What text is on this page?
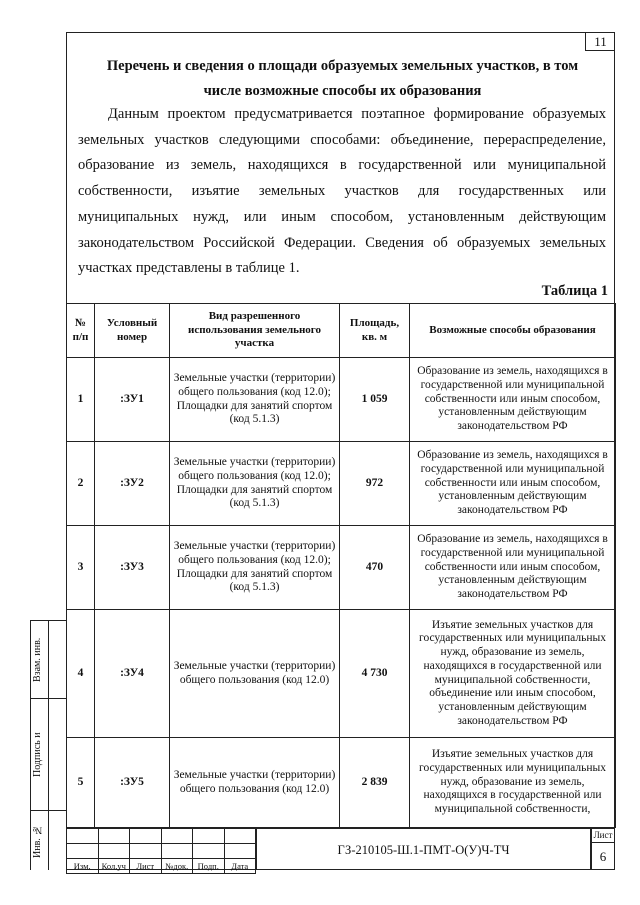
11
Перечень и сведения о площади образуемых земельных участков, в том
числе возможные способы их образования
Данным проектом предусматривается поэтапное формирование образуемых земельных участков следующими способами: объединение, перераспределение, образование из земель, находящихся в государственной или муниципальной собственности, изъятие земельных участков для государственных или муниципальных нужд, или иным способом, установленным действующим законодательством Российской Федерации. Сведения об образуемых земельных участках представлены в таблице 1.
Таблица 1
№ п/п	Условный номер	Вид разрешенного использования земельного участка	Площадь, кв. м	Возможные способы образования
1	:ЗУ1	Земельные участки (территории) общего пользования (код 12.0); Площадки для занятий спортом (код 5.1.3)	1 059	Образование из земель, находящихся в государственной или муниципальной собственности или иным способом, установленным действующим законодательством РФ
2	:ЗУ2	Земельные участки (территории) общего пользования (код 12.0); Площадки для занятий спортом (код 5.1.3)	972	Образование из земель, находящихся в государственной или муниципальной собственности или иным способом, установленным действующим законодательством РФ
3	:ЗУ3	Земельные участки (территории) общего пользования (код 12.0); Площадки для занятий спортом (код 5.1.3)	470	Образование из земель, находящихся в государственной или муниципальной собственности или иным способом, установленным действующим законодательством РФ
4	:ЗУ4	Земельные участки (территории) общего пользования (код 12.0)	4 730	Изъятие земельных участков для государственных или муниципальных нужд, образование из земель, находящихся в государственной или муниципальной собственности, объединение или иным способом, установленным действующим законодательством РФ
5	:ЗУ5	Земельные участки (территории) общего пользования (код 12.0)	2 839	Изъятие земельных участков для государственных или муниципальных нужд, образование из земель, находящихся в государственной или муниципальной собственности,
Взам. инв.
Подпись и
Инв. №

Изм.	Кол.уч	Лист	№док.	Подп.	Дата
ГЗ-210105-Ш.1-ПМТ-О(У)Ч-ТЧ
Лист
6
